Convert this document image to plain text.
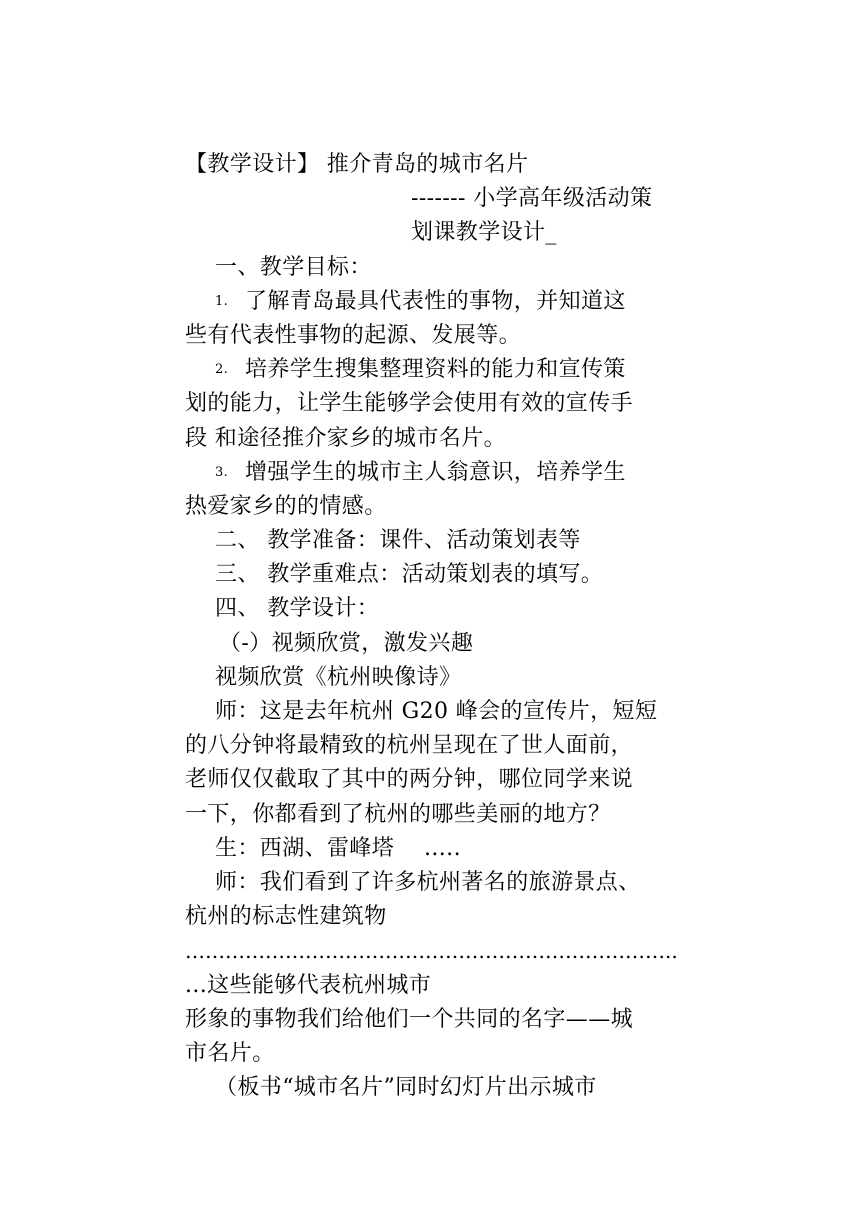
【教学设计】 推介青岛的城市名片
------- 小学高年级活动策
划课教学设计_
一、教学目标：
1. 了解青岛最具代表性的事物，并知道这
些有代表性事物的起源、发展等。
2. 培养学生搜集整理资料的能力和宣传策
划的能力，让学生能够学会使用有效的宣传手
段 和途径推介家乡的城市名片。
3. 增强学生的城市主人翁意识，培养学生
热爱家乡的的情感。
二、 教学准备：课件、活动策划表等
三、 教学重难点：活动策划表的填写。
四、 教学设计：
（-）视频欣赏，激发兴趣
视频欣赏《杭州映像诗》
师：这是去年杭州 G20 峰会的宣传片，短短
的八分钟将最精致的杭州呈现在了世人面前，
老师仅仅截取了其中的两分钟，哪位同学来说
一下，你都看到了杭州的哪些美丽的地方？
生：西湖、雷峰塔　 .....
师：我们看到了许多杭州著名的旅游景点、
杭州的标志性建筑物
………………………………………………………………..
...这些能够代表杭州城市
形象的事物我们给他们一个共同的名字——城
市名片。
（板书“城市名片”同时幻灯片出示城市
